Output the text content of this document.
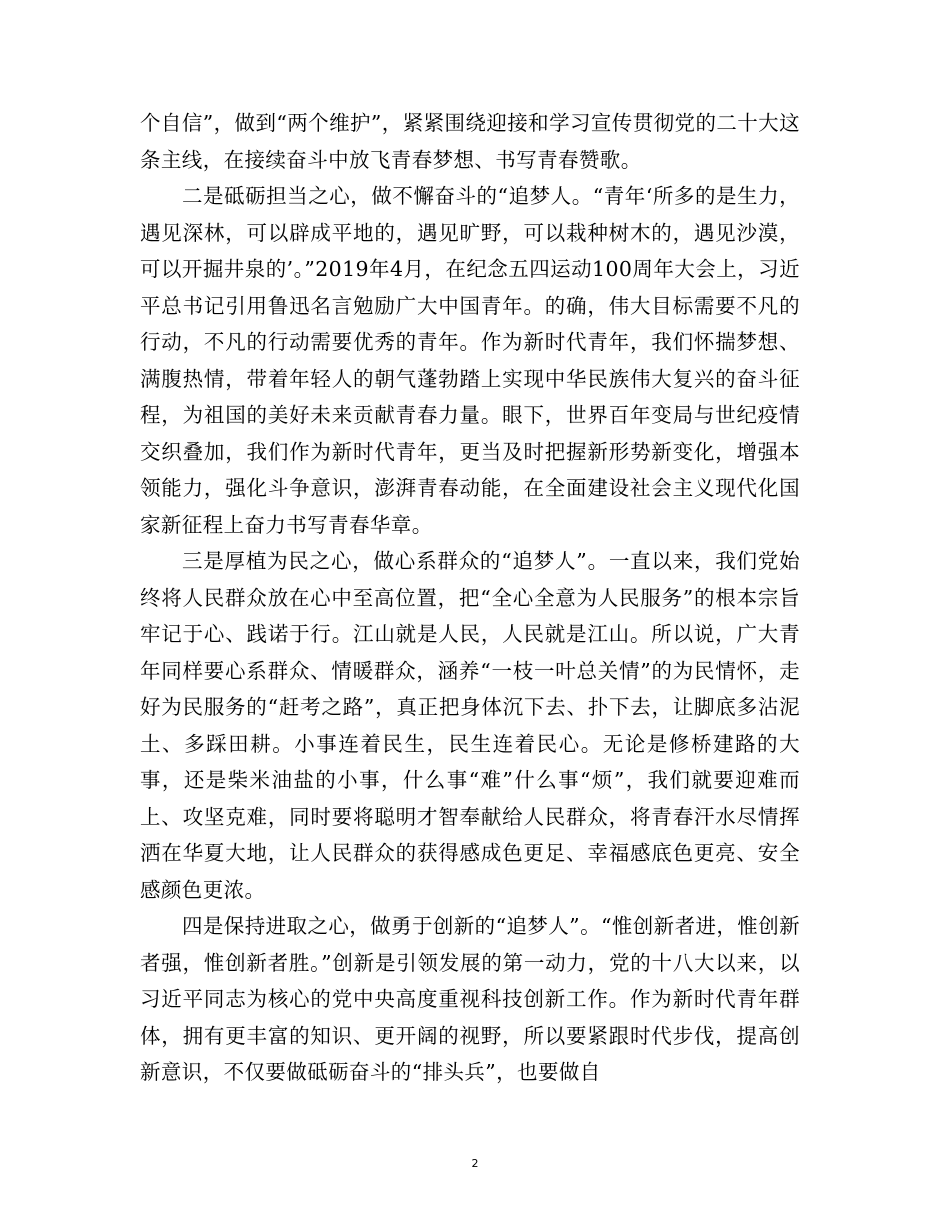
个自信”，做到“两个维护”，紧紧围绕迎接和学习宣传贯彻党的二十大这条主线，在接续奋斗中放飞青春梦想、书写青春赞歌。

二是砥砺担当之心，做不懈奋斗的“追梦人。“青年‘所多的是生力，遇见深林，可以辟成平地的，遇见旷野，可以栽种树木的，遇见沙漠，可以开掘井泉的’。”2019年4月，在纪念五四运动100周年大会上，习近平总书记引用鲁迅名言勉励广大中国青年。的确，伟大目标需要不凡的行动，不凡的行动需要优秀的青年。作为新时代青年，我们怀揣梦想、满腹热情，带着年轻人的朝气蓬勃踏上实现中华民族伟大复兴的奋斗征程，为祖国的美好未来贡献青春力量。眼下，世界百年变局与世纪疫情交织叠加，我们作为新时代青年，更当及时把握新形势新变化，增强本领能力，强化斗争意识，澎湃青春动能，在全面建设社会主义现代化国家新征程上奋力书写青春华章。

三是厚植为民之心，做心系群众的“追梦人”。一直以来，我们党始终将人民群众放在心中至高位置，把“全心全意为人民服务”的根本宗旨牢记于心、践诺于行。江山就是人民，人民就是江山。所以说，广大青年同样要心系群众、情暖群众，涵养“一枝一叶总关情”的为民情怀，走好为民服务的“赶考之路”，真正把身体沉下去、扑下去，让脚底多沾泥土、多踩田耕。小事连着民生，民生连着民心。无论是修桥建路的大事，还是柴米油盐的小事，什么事“难”什么事“烦”，我们就要迎难而上、攻坚克难，同时要将聪明才智奉献给人民群众，将青春汗水尽情挥洒在华夏大地，让人民群众的获得感成色更足、幸福感底色更亮、安全感颜色更浓。

四是保持进取之心，做勇于创新的“追梦人”。“惟创新者进，惟创新者强，惟创新者胜。”创新是引领发展的第一动力，党的十八大以来，以习近平同志为核心的党中央高度重视科技创新工作。作为新时代青年群体，拥有更丰富的知识、更开阔的视野，所以要紧跟时代步伐，提高创新意识，不仅要做砥砺奋斗的“排头兵”，也要做自

2
